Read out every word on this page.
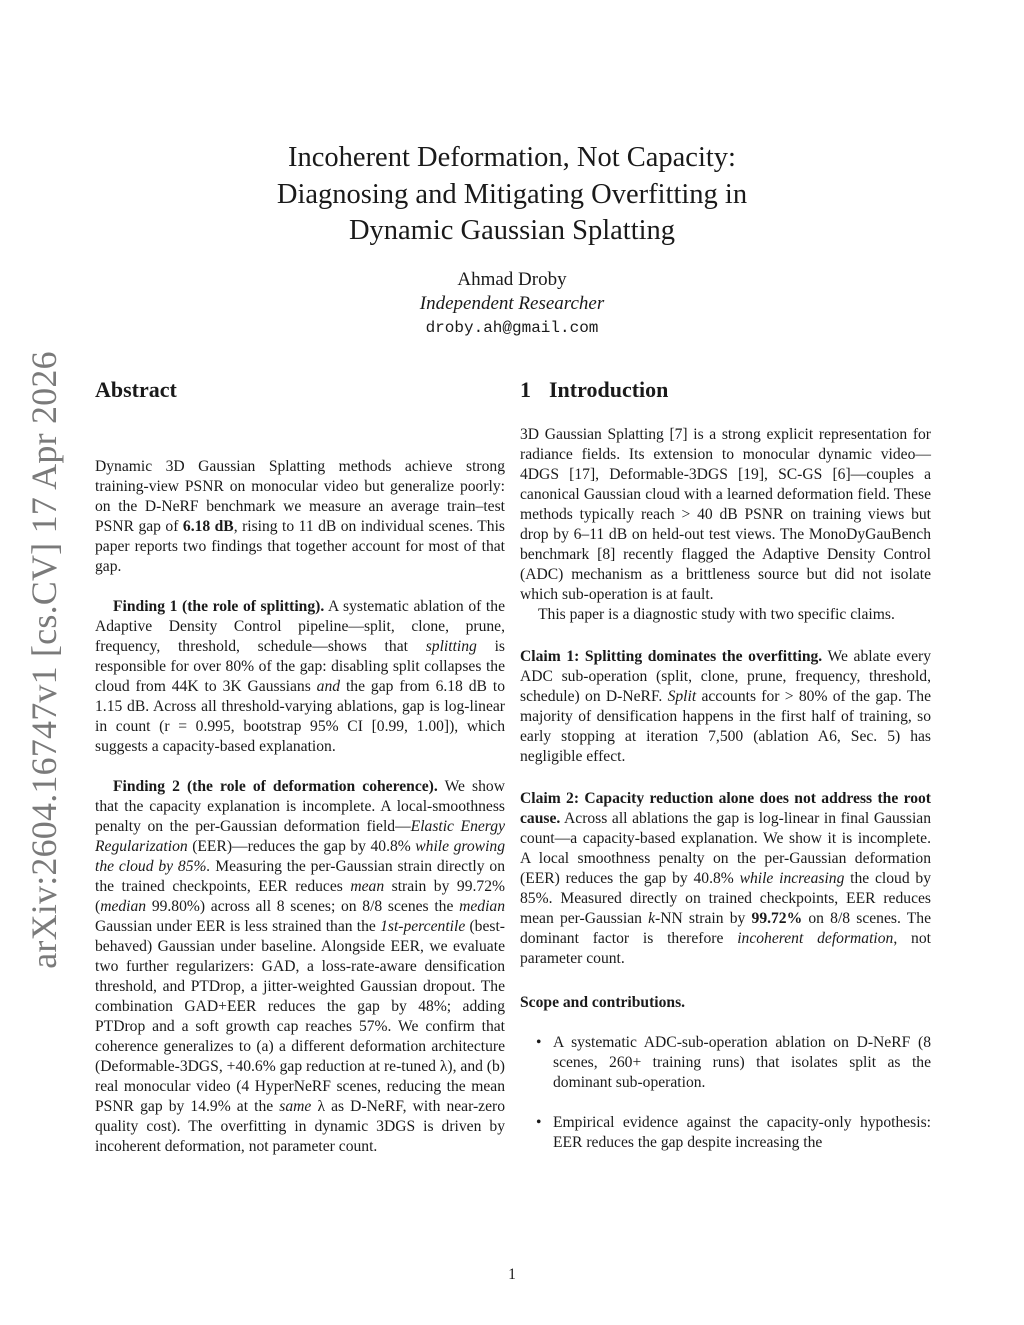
arXiv:2604.16747v1 [cs.CV] 17 Apr 2026
Incoherent Deformation, Not Capacity:
Diagnosing and Mitigating Overfitting in
Dynamic Gaussian Splatting
Ahmad Droby
Independent Researcher
droby.ah@gmail.com
Abstract

Dynamic 3D Gaussian Splatting methods achieve strong training-view PSNR on monocular video but generalize poorly: on the D-NeRF benchmark we measure an average train–test PSNR gap of 6.18 dB, rising to 11 dB on individual scenes. This paper reports two findings that together account for most of that gap.

Finding 1 (the role of splitting). A systematic ablation of the Adaptive Density Control pipeline—split, clone, prune, frequency, threshold, schedule—shows that splitting is responsible for over 80% of the gap: disabling split collapses the cloud from 44K to 3K Gaussians and the gap from 6.18 dB to 1.15 dB. Across all threshold-varying ablations, gap is log-linear in count (r = 0.995, bootstrap 95% CI [0.99, 1.00]), which suggests a capacity-based explanation.

Finding 2 (the role of deformation coherence). We show that the capacity explanation is incomplete. A local-smoothness penalty on the per-Gaussian deformation field—Elastic Energy Regularization (EER)—reduces the gap by 40.8% while growing the cloud by 85%. Measuring the per-Gaussian strain directly on the trained checkpoints, EER reduces mean strain by 99.72% (median 99.80%) across all 8 scenes; on 8/8 scenes the median Gaussian under EER is less strained than the 1st-percentile (best-behaved) Gaussian under baseline. Alongside EER, we evaluate two further regularizers: GAD, a loss-rate-aware densification threshold, and PTDrop, a jitter-weighted Gaussian dropout. The combination GAD+EER reduces the gap by 48%; adding PTDrop and a soft growth cap reaches 57%. We confirm that coherence generalizes to (a) a different deformation architecture (Deformable-3DGS, +40.6% gap reduction at re-tuned λ), and (b) real monocular video (4 HyperNeRF scenes, reducing the mean PSNR gap by 14.9% at the same λ as D-NeRF, with near-zero quality cost). The overfitting in dynamic 3DGS is driven by incoherent deformation, not parameter count.

1 Introduction

3D Gaussian Splatting [7] is a strong explicit representation for radiance fields. Its extension to monocular dynamic video—4DGS [17], Deformable-3DGS [19], SC-GS [6]—couples a canonical Gaussian cloud with a learned deformation field. These methods typically reach > 40 dB PSNR on training views but drop by 6–11 dB on held-out test views. The MonoDyGauBench benchmark [8] recently flagged the Adaptive Density Control (ADC) mechanism as a brittleness source but did not isolate which sub-operation is at fault.

This paper is a diagnostic study with two specific claims.

Claim 1: Splitting dominates the overfitting. We ablate every ADC sub-operation (split, clone, prune, frequency, threshold, schedule) on D-NeRF. Split accounts for > 80% of the gap. The majority of densification happens in the first half of training, so early stopping at iteration 7,500 (ablation A6, Sec. 5) has negligible effect.

Claim 2: Capacity reduction alone does not address the root cause. Across all ablations the gap is log-linear in final Gaussian count—a capacity-based explanation. We show it is incomplete. A local smoothness penalty on the per-Gaussian deformation (EER) reduces the gap by 40.8% while increasing the cloud by 85%. Measured directly on trained checkpoints, EER reduces mean per-Gaussian k-NN strain by 99.72% on 8/8 scenes. The dominant factor is therefore incoherent deformation, not parameter count.

Scope and contributions.

• A systematic ADC-sub-operation ablation on D-NeRF (8 scenes, 260+ training runs) that isolates split as the dominant sub-operation.
• Empirical evidence against the capacity-only hypothesis: EER reduces the gap despite increasing the
1
